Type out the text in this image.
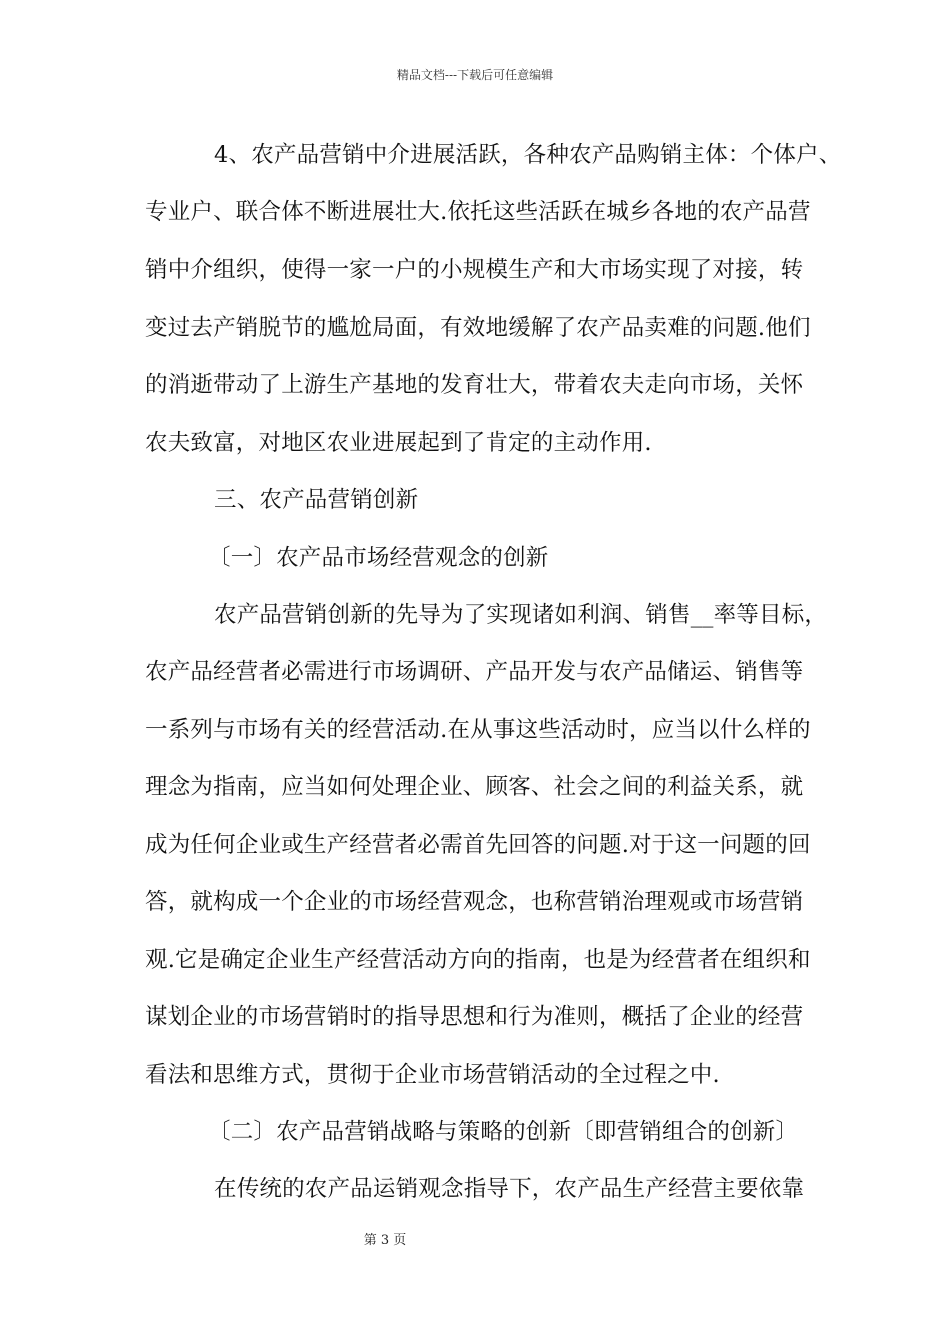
精品文档---下载后可任意编辑
4、农产品营销中介进展活跃，各种农产品购销主体：个体户、
专业户、联合体不断进展壮大.依托这些活跃在城乡各地的农产品营
销中介组织，使得一家一户的小规模生产和大市场实现了对接，转
变过去产销脱节的尴尬局面，有效地缓解了农产品卖难的问题.他们
的消逝带动了上游生产基地的发育壮大，带着农夫走向市场，关怀
农夫致富，对地区农业进展起到了肯定的主动作用.
三、农产品营销创新
〔一〕农产品市场经营观念的创新
农产品营销创新的先导为了实现诸如利润、销售__率等目标，
农产品经营者必需进行市场调研、产品开发与农产品储运、销售等
一系列与市场有关的经营活动.在从事这些活动时，应当以什么样的
理念为指南，应当如何处理企业、顾客、社会之间的利益关系，就
成为任何企业或生产经营者必需首先回答的问题.对于这一问题的回
答，就构成一个企业的市场经营观念，也称营销治理观或市场营销
观.它是确定企业生产经营活动方向的指南，也是为经营者在组织和
谋划企业的市场营销时的指导思想和行为准则，概括了企业的经营
看法和思维方式，贯彻于企业市场营销活动的全过程之中.
〔二〕农产品营销战略与策略的创新〔即营销组合的创新〕
在传统的农产品运销观念指导下，农产品生产经营主要依靠
第 3 页
